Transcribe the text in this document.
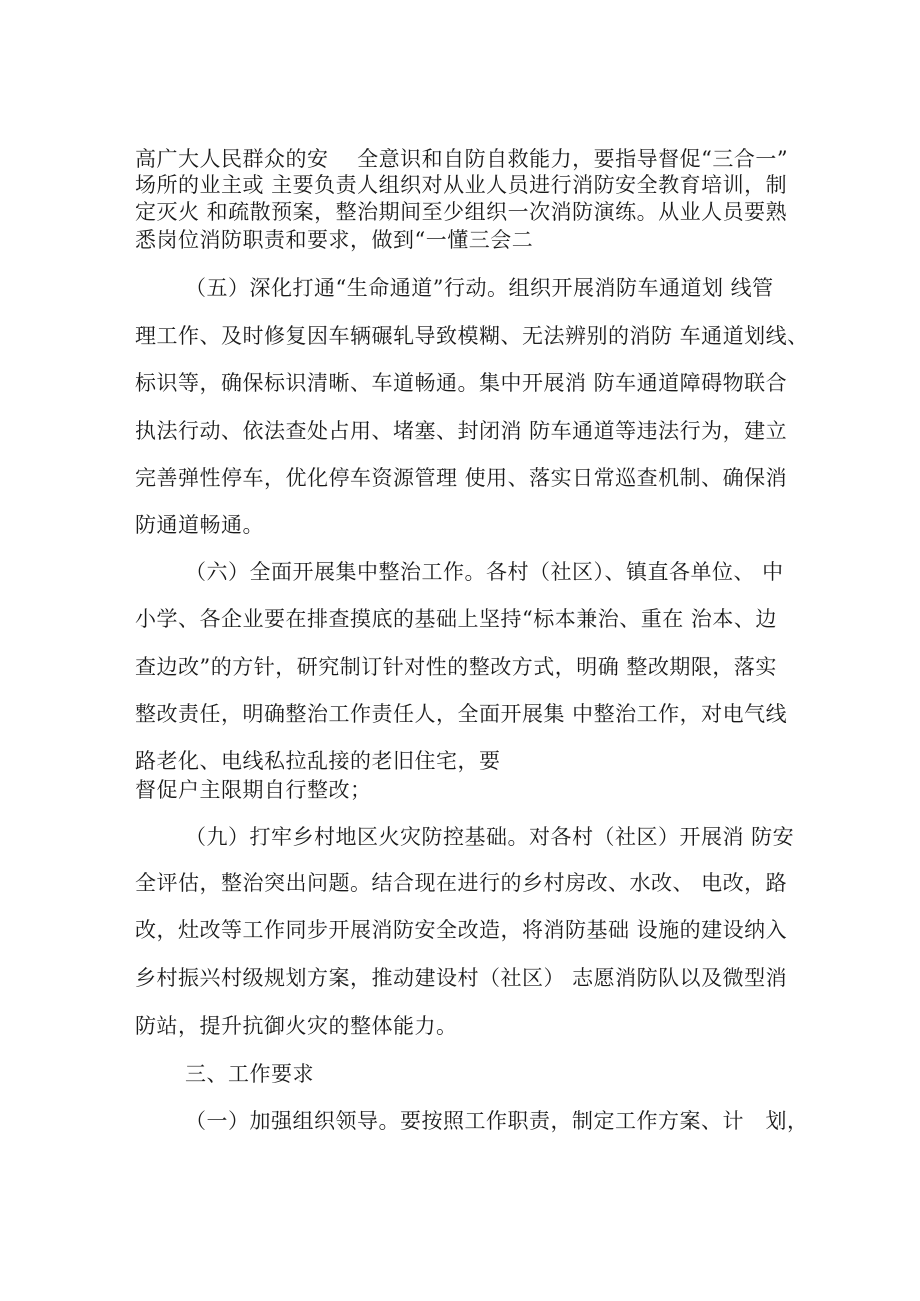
高广大人民群众的安　 全意识和自防自救能力，要指导督促“三合一”
场所的业主或 主要负责人组织对从业人员进行消防安全教育培训，制
定灭火 和疏散预案，整治期间至少组织一次消防演练。从业人员要熟
悉岗位消防职责和要求，做到“一懂三会二
（五）深化打通“生命通道”行动。组织开展消防车通道划 线管
理工作、及时修复因车辆碾轧导致模糊、无法辨别的消防 车通道划线、
标识等，确保标识清晰、车道畅通。集中开展消 防车通道障碍物联合
执法行动、依法查处占用、堵塞、封闭消 防车通道等违法行为，建立
完善弹性停车，优化停车资源管理 使用、落实日常巡查机制、确保消
防通道畅通。
（六）全面开展集中整治工作。各村（社区）、镇直各单位、 中
小学、各企业要在排查摸底的基础上坚持“标本兼治、重在 治本、边
查边改”的方针，研究制订针对性的整改方式，明确 整改期限，落实
整改责任，明确整治工作责任人，全面开展集 中整治工作，对电气线
路老化、电线私拉乱接的老旧住宅，要
督促户主限期自行整改；
（九）打牢乡村地区火灾防控基础。对各村（社区）开展消 防安
全评估，整治突出问题。结合现在进行的乡村房改、水改、 电改，路
改，灶改等工作同步开展消防安全改造，将消防基础 设施的建设纳入
乡村振兴村级规划方案，推动建设村（社区） 志愿消防队以及微型消
防站，提升抗御火灾的整体能力。
三、工作要求
（一）加强组织领导。要按照工作职责，制定工作方案、计　划，
